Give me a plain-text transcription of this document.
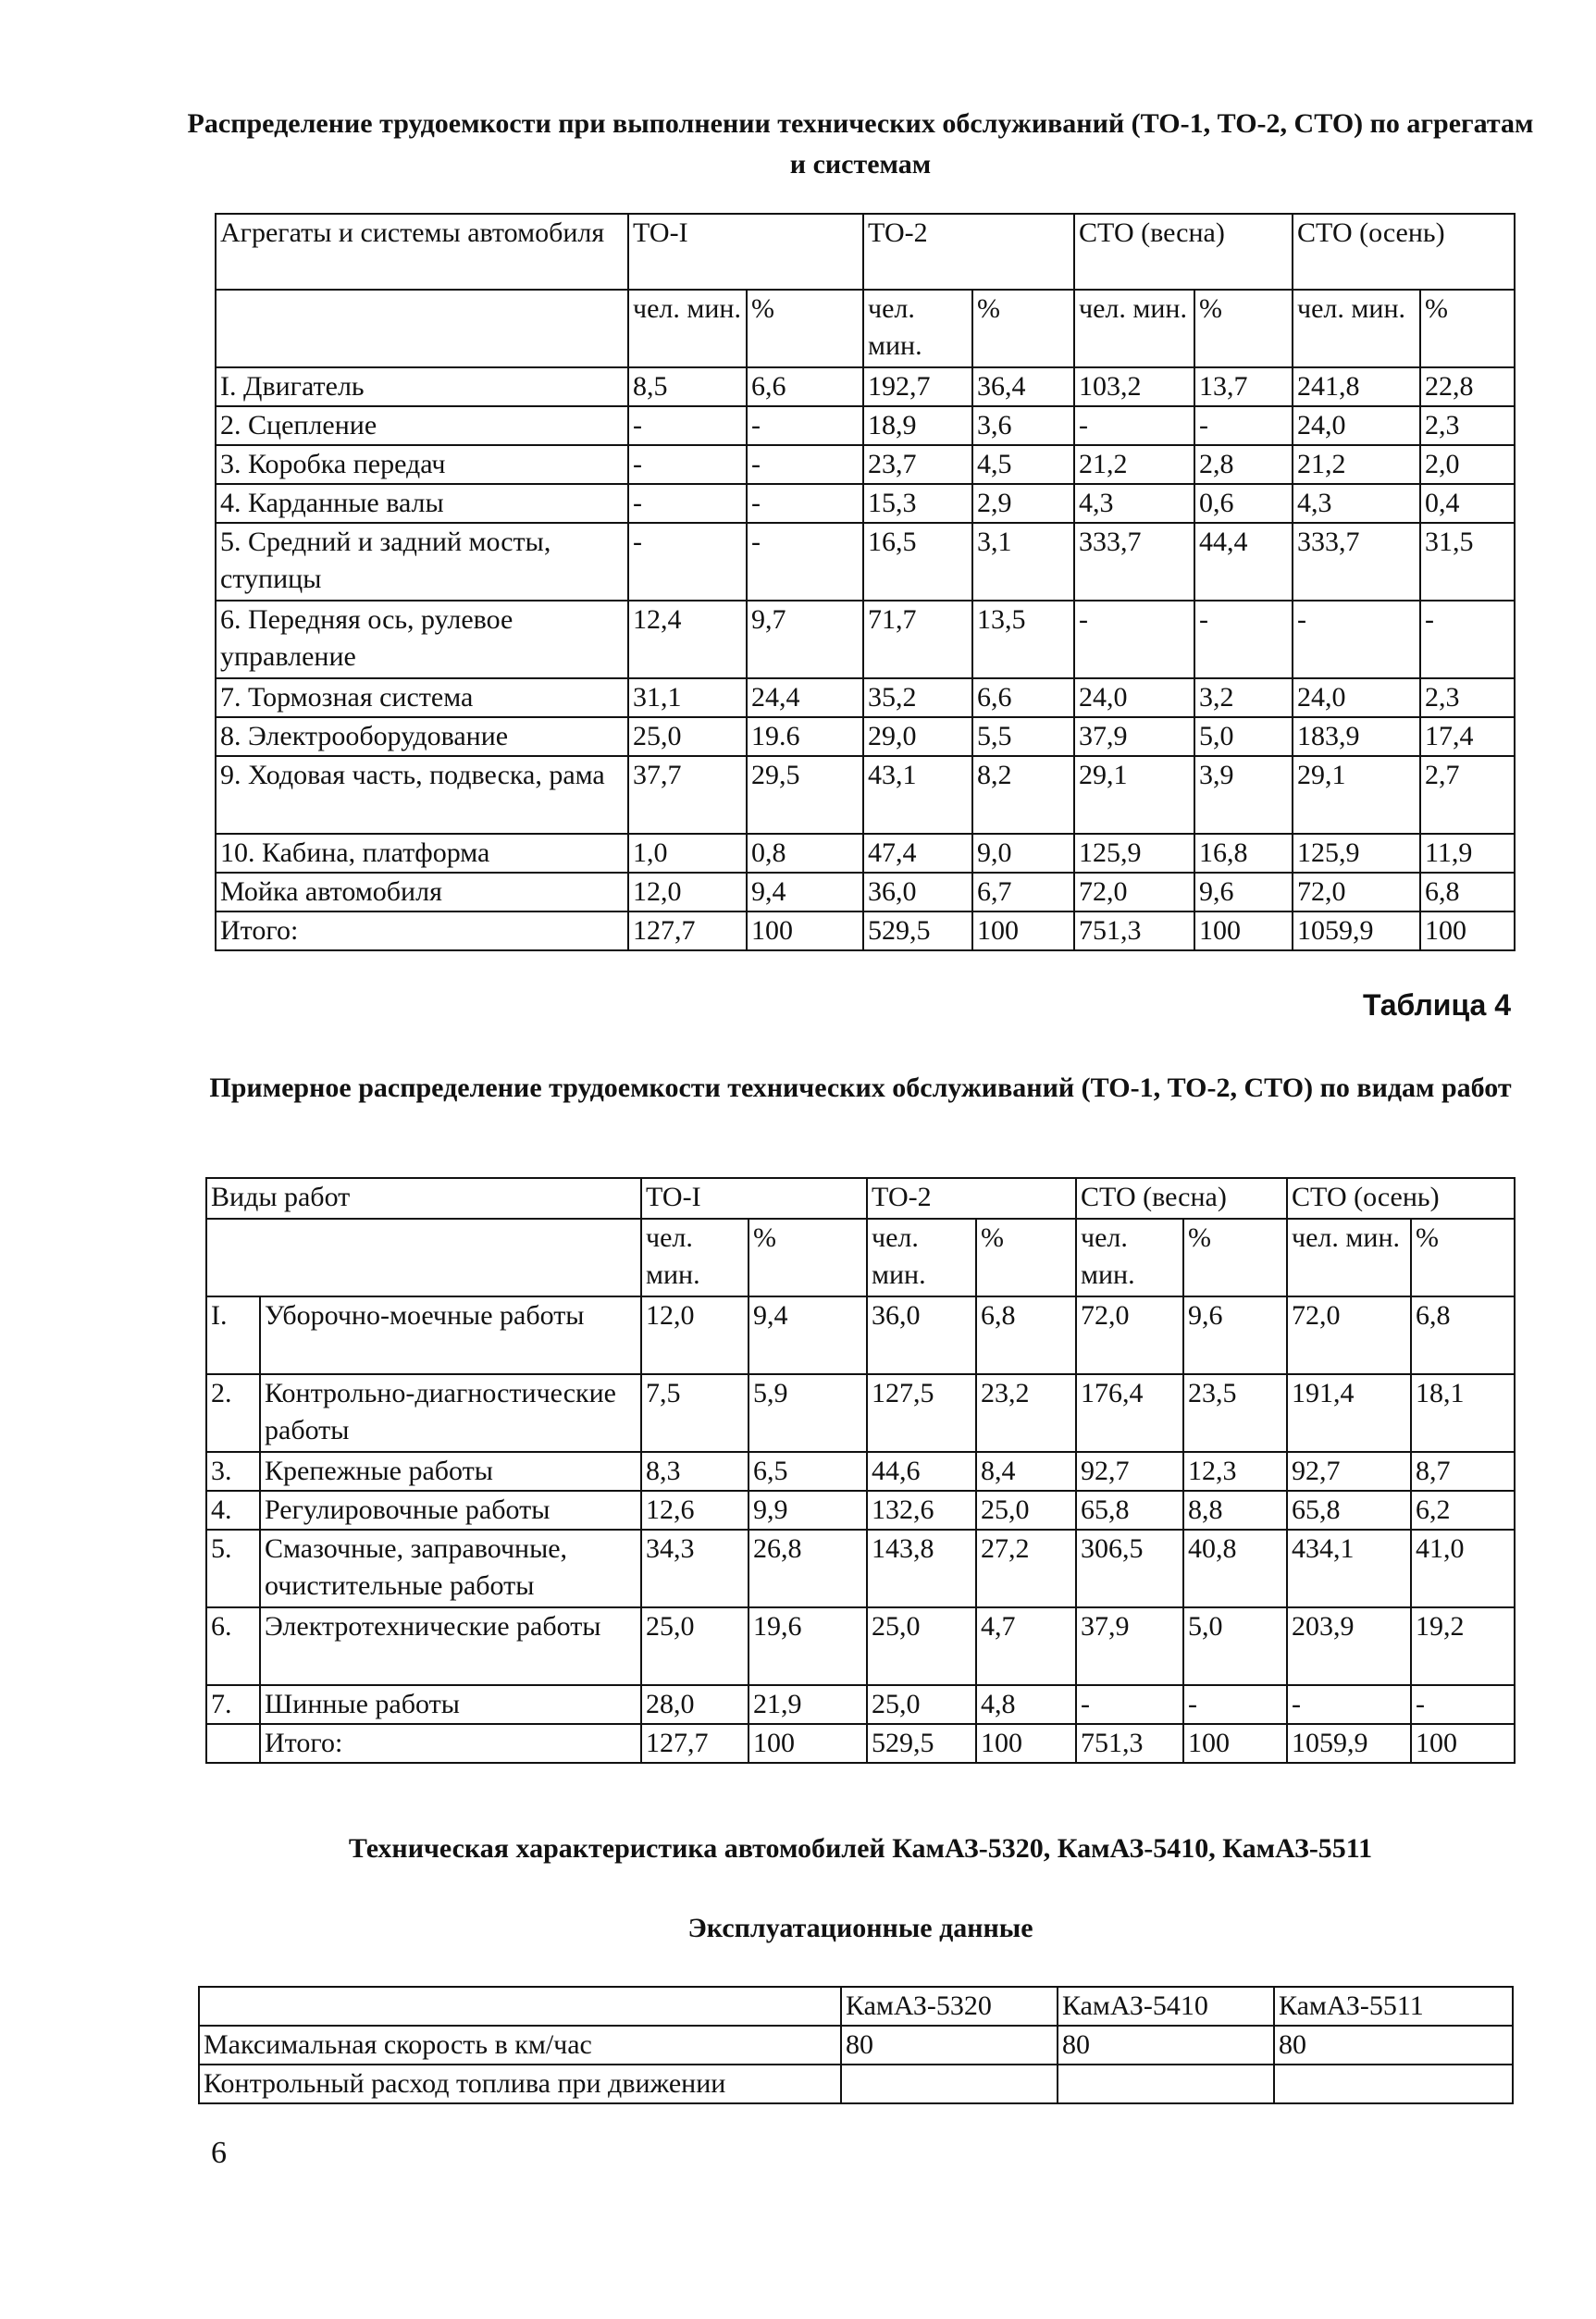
Распределение трудоемкости при выполнении технических обслуживаний (ТО-1, ТО-2, СТО) по агрегатам и системам
Агрегаты и системы автомобиля	ТО-I		ТО-2		СТО (весна)		СТО (осень)	
	чел. мин.	%	чел. мин.	%	чел. мин.	%	чел. мин.	%
I. Двигатель	8,5	6,6	192,7	36,4	103,2	13,7	241,8	22,8
2. Сцепление	-	-	18,9	3,6	-	-	24,0	2,3
3. Коробка передач	-	-	23,7	4,5	21,2	2,8	21,2	2,0
4. Карданные валы	-	-	15,3	2,9	4,3	0,6	4,3	0,4
5. Средний и задний мосты, ступицы	-	-	16,5	3,1	333,7	44,4	333,7	31,5
6. Передняя ось, рулевое управление	12,4	9,7	71,7	13,5	-	-	-	-
7. Тормозная система	31,1	24,4	35,2	6,6	24,0	3,2	24,0	2,3
8. Электрооборудование	25,0	19.6	29,0	5,5	37,9	5,0	183,9	17,4
9. Ходовая часть, подвеска, рама	37,7	29,5	43,1	8,2	29,1	3,9	29,1	2,7
10. Кабина, платформа	1,0	0,8	47,4	9,0	125,9	16,8	125,9	11,9
Мойка автомобиля	12,0	9,4	36,0	6,7	72,0	9,6	72,0	6,8
Итого:	127,7	100	529,5	100	751,3	100	1059,9	100
Таблица 4
Примерное распределение трудоемкости технических обслуживаний (ТО-1, ТО-2, СТО) по видам работ
Виды работ		ТО-I		ТО-2		СТО (весна)		СТО (осень)	
		чел. мин.	%	чел. мин.	%	чел. мин.	%	чел. мин.	%
I.	Уборочно-моечные работы	12,0	9,4	36,0	6,8	72,0	9,6	72,0	6,8
2.	Контрольно-диагностические работы	7,5	5,9	127,5	23,2	176,4	23,5	191,4	18,1
3.	Крепежные работы	8,3	6,5	44,6	8,4	92,7	12,3	92,7	8,7
4.	Регулировочные работы	12,6	9,9	132,6	25,0	65,8	8,8	65,8	6,2
5.	Смазочные, заправочные, очистительные работы	34,3	26,8	143,8	27,2	306,5	40,8	434,1	41,0
6.	Электротехнические работы	25,0	19,6	25,0	4,7	37,9	5,0	203,9	19,2
7.	Шинные работы	28,0	21,9	25,0	4,8	-	-	-	-
	Итого:	127,7	100	529,5	100	751,3	100	1059,9	100
Техническая характеристика автомобилей КамАЗ-5320, КамАЗ-5410, КамАЗ-5511
Эксплуатационные данные
	КамАЗ-5320	КамАЗ-5410	КамАЗ-5511
Максимальная скорость в км/час	80	80	80
Контрольный расход топлива при движении			
6
